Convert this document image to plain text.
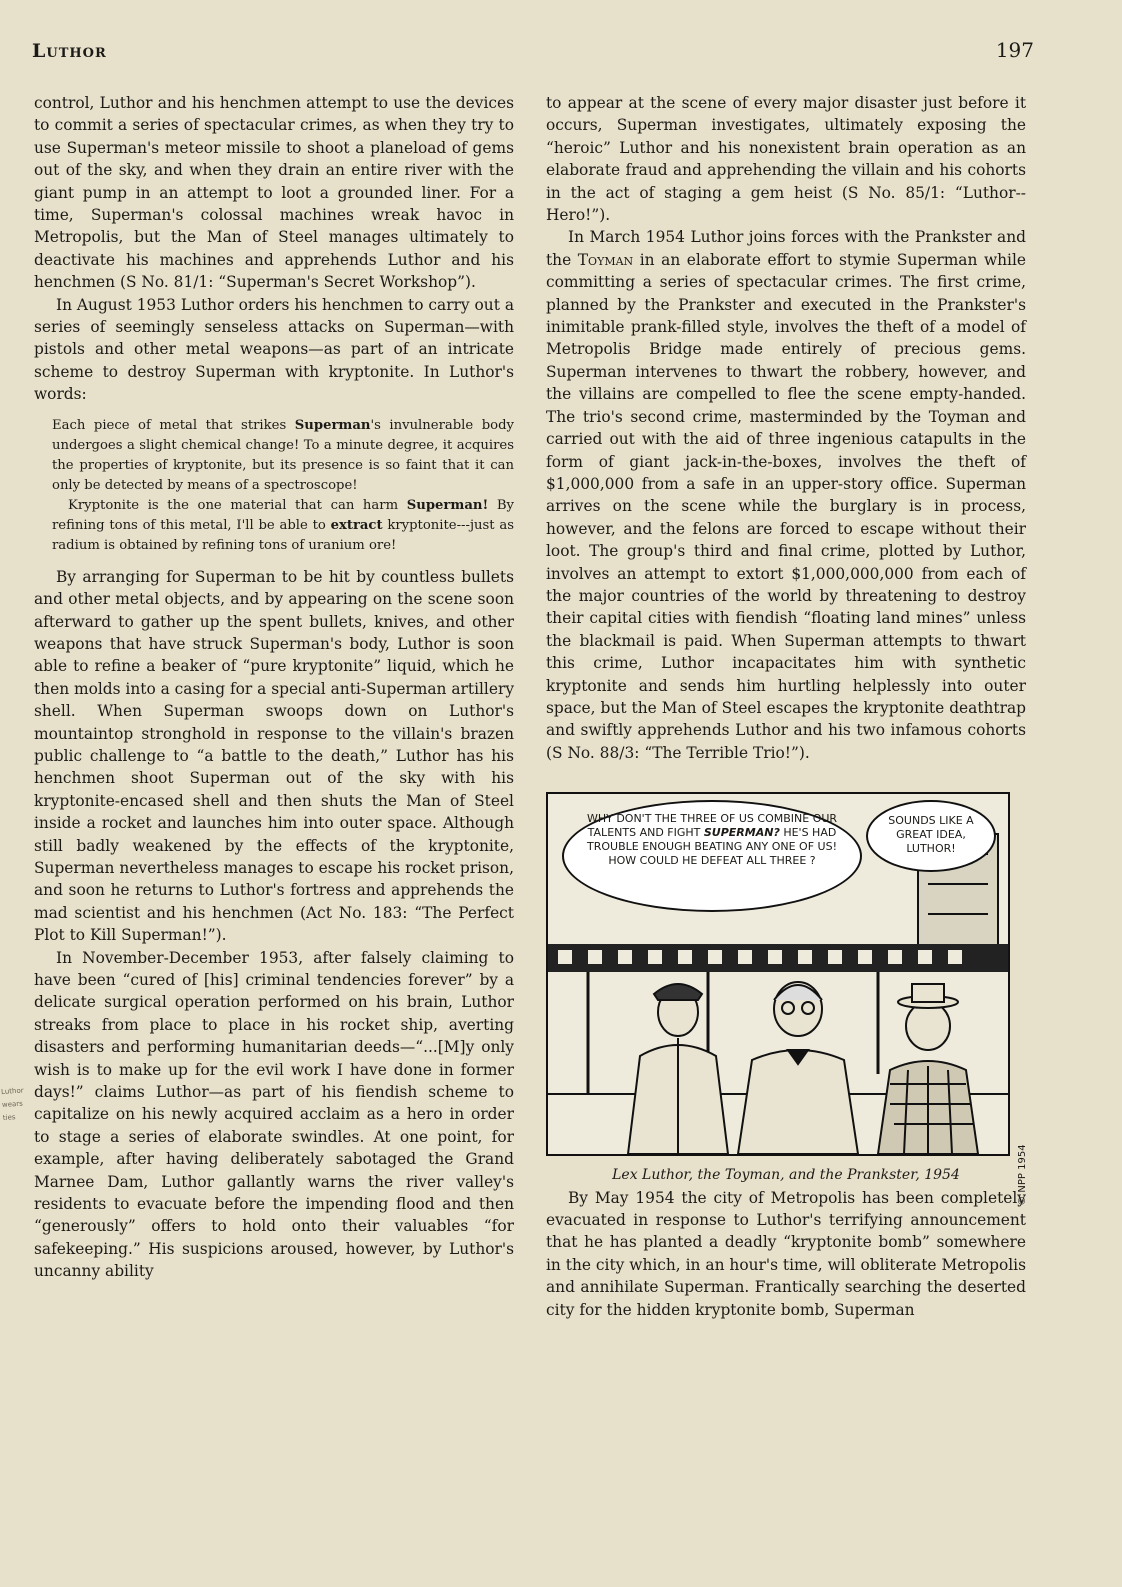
Luthor	197
Luthor wears ties

control, Luthor and his henchmen attempt to use the devices to commit a series of spectacular crimes, as when they try to use Superman's meteor missile to shoot a planeload of gems out of the sky, and when they drain an entire river with the giant pump in an attempt to loot a grounded liner. For a time, Superman's colossal machines wreak havoc in Metropolis, but the Man of Steel manages ultimately to deactivate his machines and apprehends Luthor and his henchmen (S No. 81/1: “Superman's Secret Workshop”).

In August 1953 Luthor orders his henchmen to carry out a series of seemingly senseless attacks on Superman—with pistols and other metal weapons—as part of an intricate scheme to destroy Superman with kryptonite. In Luthor's words:

Each piece of metal that strikes Superman's invulnerable body undergoes a slight chemical change! To a minute degree, it acquires the properties of kryptonite, but its presence is so faint that it can only be detected by means of a spectroscope!

Kryptonite is the one material that can harm Superman! By refining tons of this metal, I'll be able to extract kryptonite---just as radium is obtained by refining tons of uranium ore!

By arranging for Superman to be hit by countless bullets and other metal objects, and by appearing on the scene soon afterward to gather up the spent bullets, knives, and other weapons that have struck Superman's body, Luthor is soon able to refine a beaker of “pure kryptonite” liquid, which he then molds into a casing for a special anti-Superman artillery shell. When Superman swoops down on Luthor's mountaintop stronghold in response to the villain's brazen public challenge to “a battle to the death,” Luthor has his henchmen shoot Superman out of the sky with his kryptonite-encased shell and then shuts the Man of Steel inside a rocket and launches him into outer space. Although still badly weakened by the effects of the kryptonite, Superman nevertheless manages to escape his rocket prison, and soon he returns to Luthor's fortress and apprehends the mad scientist and his henchmen (Act No. 183: “The Perfect Plot to Kill Superman!”).

In November-December 1953, after falsely claiming to have been “cured of [his] criminal tendencies forever” by a delicate surgical operation performed on his brain, Luthor streaks from place to place in his rocket ship, averting disasters and performing humanitarian deeds—“...[M]y only wish is to make up for the evil work I have done in former days!” claims Luthor—as part of his fiendish scheme to capitalize on his newly acquired acclaim as a hero in order to stage a series of elaborate swindles. At one point, for example, after having deliberately sabotaged the Grand Marnee Dam, Luthor gallantly warns the river valley's residents to evacuate before the impending flood and then “generously” offers to hold onto their valuables “for safekeeping.” His suspicions aroused, however, by Luthor's uncanny ability

to appear at the scene of every major disaster just before it occurs, Superman investigates, ultimately exposing the “heroic” Luthor and his nonexistent brain operation as an elaborate fraud and apprehending the villain and his cohorts in the act of staging a gem heist (S No. 85/1: “Luthor--Hero!”).

In March 1954 Luthor joins forces with the Prankster and the Toyman in an elaborate effort to stymie Superman while committing a series of spectacular crimes. The first crime, planned by the Prankster and executed in the Prankster's inimitable prank-filled style, involves the theft of a model of Metropolis Bridge made entirely of precious gems. Superman intervenes to thwart the robbery, however, and the villains are compelled to flee the scene empty-handed. The trio's second crime, masterminded by the Toyman and carried out with the aid of three ingenious catapults in the form of giant jack-in-the-boxes, involves the theft of $1,000,000 from a safe in an upper-story office. Superman arrives on the scene while the burglary is in process, however, and the felons are forced to escape without their loot. The group's third and final crime, plotted by Luthor, involves an attempt to extort $1,000,000,000 from each of the major countries of the world by threatening to destroy their capital cities with fiendish “floating land mines” unless the blackmail is paid. When Superman attempts to thwart this crime, Luthor incapacitates him with synthetic kryptonite and sends him hurtling helplessly into outer space, but the Man of Steel escapes the kryptonite deathtrap and swiftly apprehends Luthor and his two infamous cohorts (S No. 88/3: “The Terrible Trio!”).

WHY DON'T THE THREE OF US COMBINE OUR TALENTS AND FIGHT SUPERMAN? HE'S HAD TROUBLE ENOUGH BEATING ANY ONE OF US! HOW COULD HE DEFEAT ALL THREE ?
SOUNDS LIKE A GREAT IDEA, LUTHOR!
© NPP 1954
Lex Luthor, the Toyman, and the Prankster, 1954

By May 1954 the city of Metropolis has been completely evacuated in response to Luthor's terrifying announcement that he has planted a deadly “kryptonite bomb” somewhere in the city which, in an hour's time, will obliterate Metropolis and annihilate Superman. Frantically searching the deserted city for the hidden kryptonite bomb, Superman
